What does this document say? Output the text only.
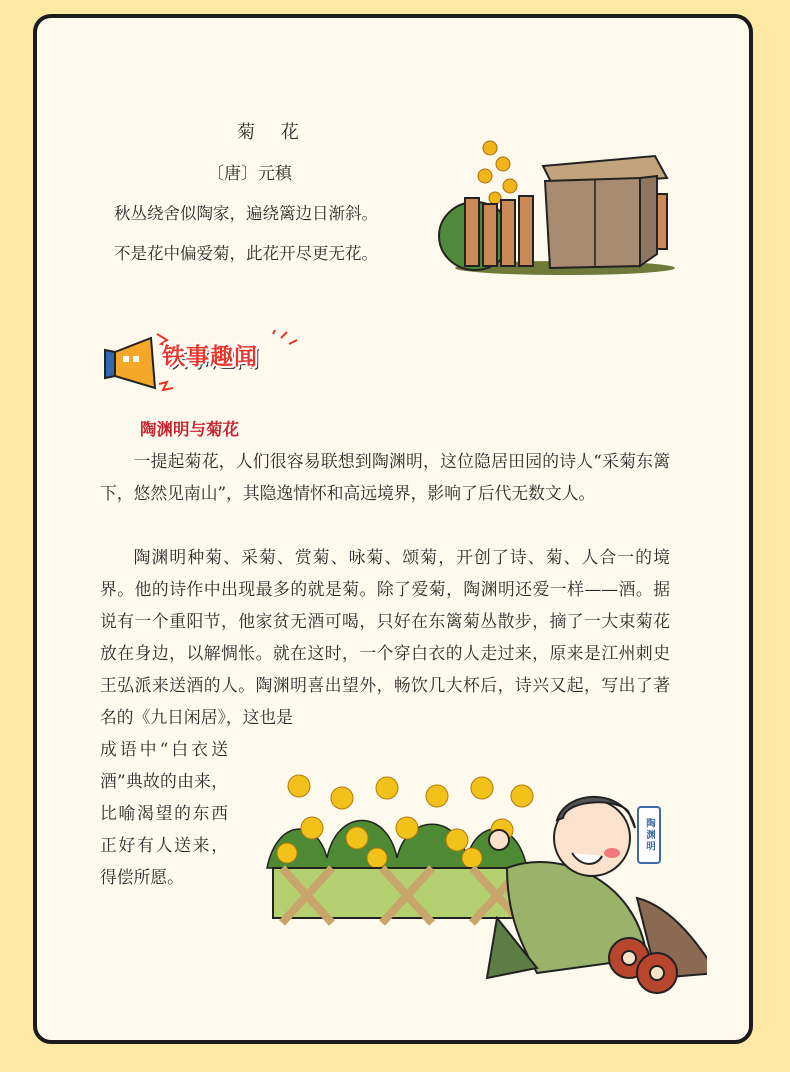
菊 花
〔唐〕元稹
秋丛绕舍似陶家，遍绕篱边日渐斜。
不是花中偏爱菊，此花开尽更无花。
铁事趣闻
陶渊明与菊花

一提起菊花，人们很容易联想到陶渊明，这位隐居田园的诗人“采菊东篱下，悠然见南山”，其隐逸情怀和高远境界，影响了后代无数文人。

陶渊明种菊、采菊、赏菊、咏菊、颂菊，开创了诗、菊、人合一的境界。他的诗作中出现最多的就是菊。除了爱菊，陶渊明还爱一样——酒。据说有一个重阳节，他家贫无酒可喝，只好在东篱菊丛散步，摘了一大束菊花放在身边，以解惆怅。就在这时，一个穿白衣的人走过来，原来是江州刺史王弘派来送酒的人。陶渊明喜出望外，畅饮几大杯后，诗兴又起，写出了著名的《九日闲居》，这也是

成语中“白衣送酒”典故的由来，比喻渴望的东西正好有人送来，得偿所愿。

陶渊明
